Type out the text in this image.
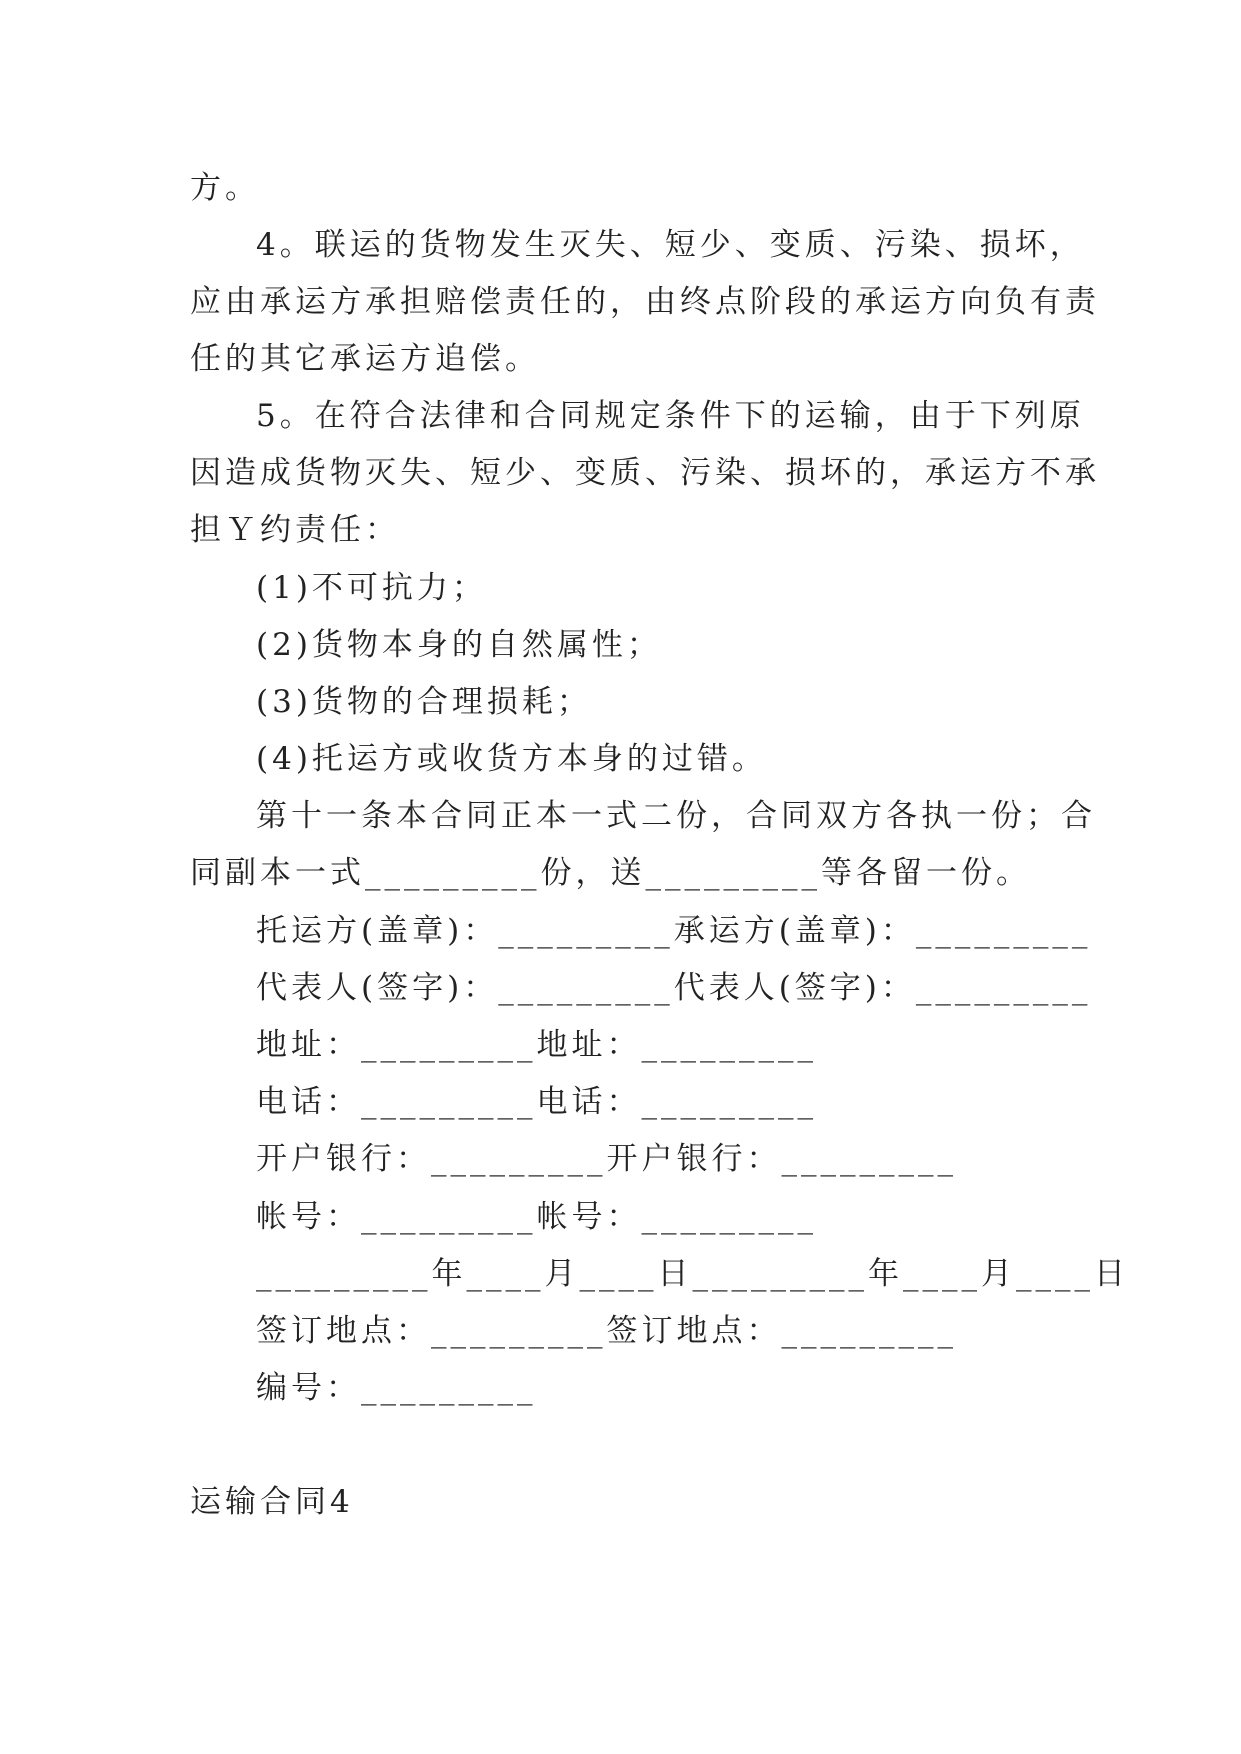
方。
4。联运的货物发生灭失、短少、变质、污染、损坏，
应由承运方承担赔偿责任的，由终点阶段的承运方向负有责
任的其它承运方追偿。
5。在符合法律和合同规定条件下的运输，由于下列原
因造成货物灭失、短少、变质、污染、损坏的，承运方不承
担Ｙ约责任：
(1)不可抗力；
(2)货物本身的自然属性；
(3)货物的合理损耗；
(4)托运方或收货方本身的过错。
第十一条本合同正本一式二份，合同双方各执一份；合
同副本一式_________份，送_________等各留一份。
托运方(盖章)：_________承运方(盖章)：_________
代表人(签字)：_________代表人(签字)：_________
地址：_________地址：_________
电话：_________电话：_________
开户银行：_________开户银行：_________
帐号：_________帐号：_________
_________年____月____日_________年____月____日
签订地点：_________签订地点：_________
编号：_________
运输合同4
